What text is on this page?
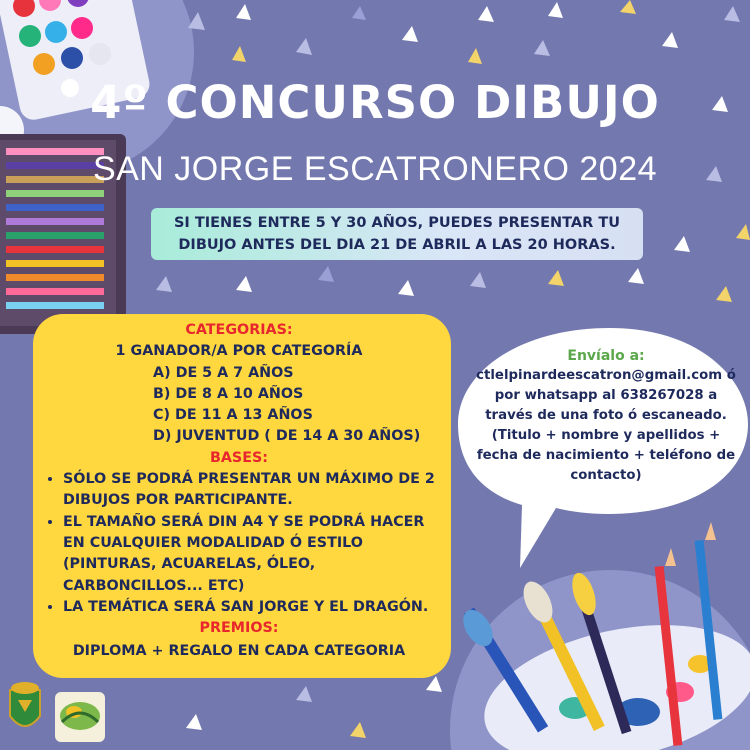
4º CONCURSO DIBUJO
SAN JORGE ESCATRONERO 2024
SI TIENES ENTRE 5 Y 30 AÑOS, PUEDES PRESENTAR TU
DIBUJO ANTES DEL DIA 21 DE ABRIL A LAS 20 HORAS.
CATEGORIAS:
1 GANADOR/A POR CATEGORÍA
A) DE 5 A 7 AÑOS
B) DE 8 A 10 AÑOS
C) DE 11 A 13 AÑOS
D) JUVENTUD ( DE 14 A 30 AÑOS)
BASES:
• SÓLO SE PODRÁ PRESENTAR UN MÁXIMO DE 2 DIBUJOS POR PARTICIPANTE.
• EL TAMAÑO SERÁ DIN A4 Y SE PODRÁ HACER EN CUALQUIER MODALIDAD Ó ESTILO (PINTURAS, ACUARELAS, ÓLEO, CARBONCILLOS... ETC)
• LA TEMÁTICA SERÁ SAN JORGE Y EL DRAGÓN.
PREMIOS:
DIPLOMA + REGALO EN CADA CATEGORIA
Envíalo a:
ctlelpinardeescatron@gmail.com ó
por whatsapp al 638267028 a
través de una foto ó escaneado.
(Titulo + nombre y apellidos +
fecha de nacimiento + teléfono de
contacto)
